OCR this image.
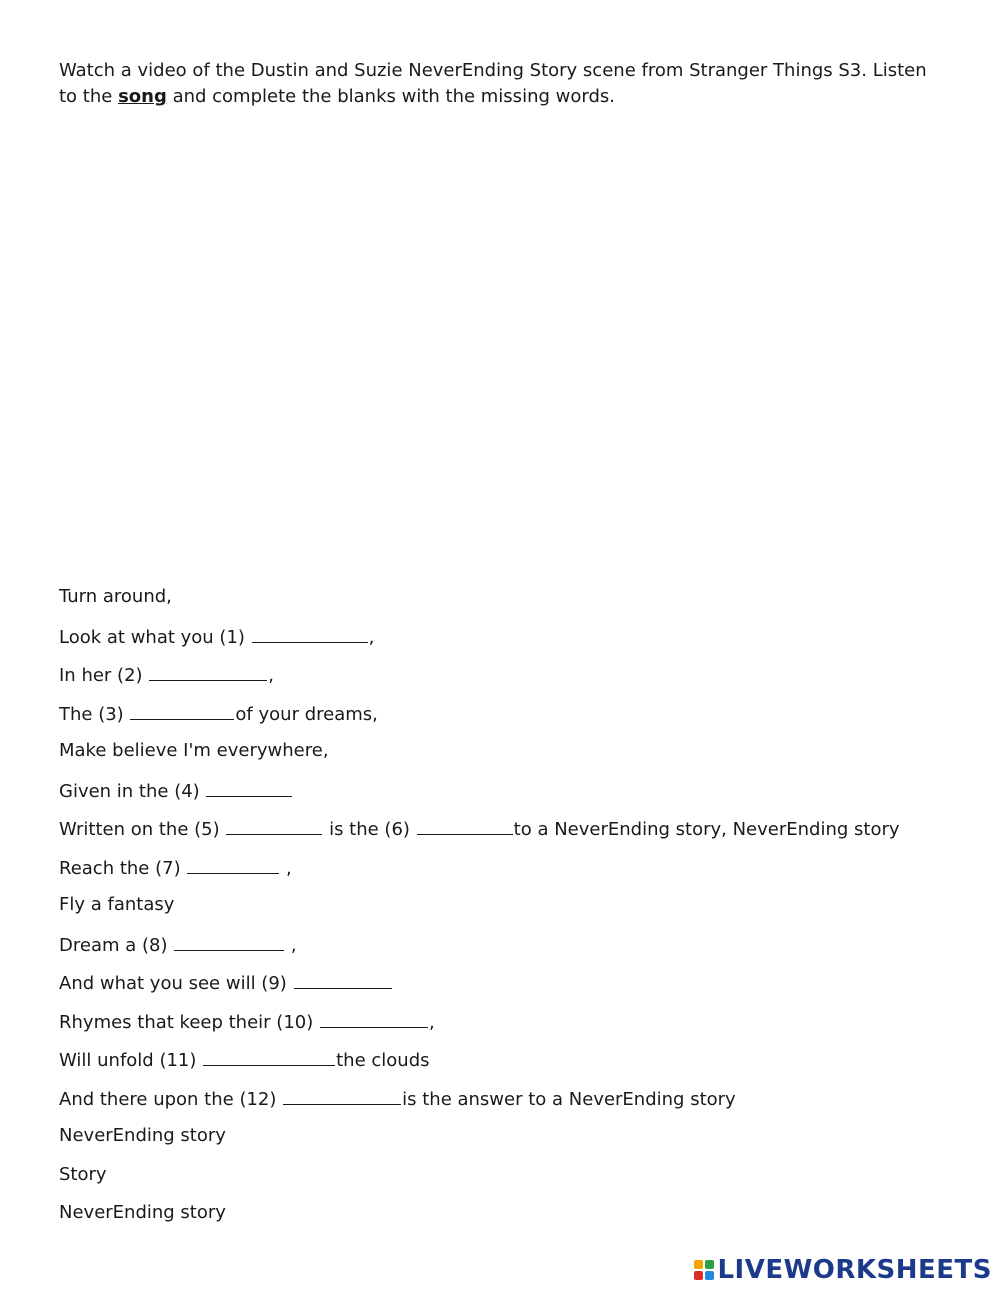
Watch a video of the Dustin and Suzie NeverEnding Story scene from Stranger Things S3. Listen to the song and complete the blanks with the missing words.
Turn around,
Look at what you (1)	,
In her (2)	,
The (3)	of your dreams,
Make believe I'm everywhere,
Given in the (4)
Written on the (5)	is the (6)	to a NeverEnding story, NeverEnding story
Reach the (7)	,
Fly a fantasy
Dream a (8)	,
And what you see will (9)
Rhymes that keep their (10)	,
Will unfold (11)	the clouds
And there upon the (12)	is the answer to a NeverEnding story
NeverEnding story
Story
NeverEnding story
LIVEWORKSHEETS
